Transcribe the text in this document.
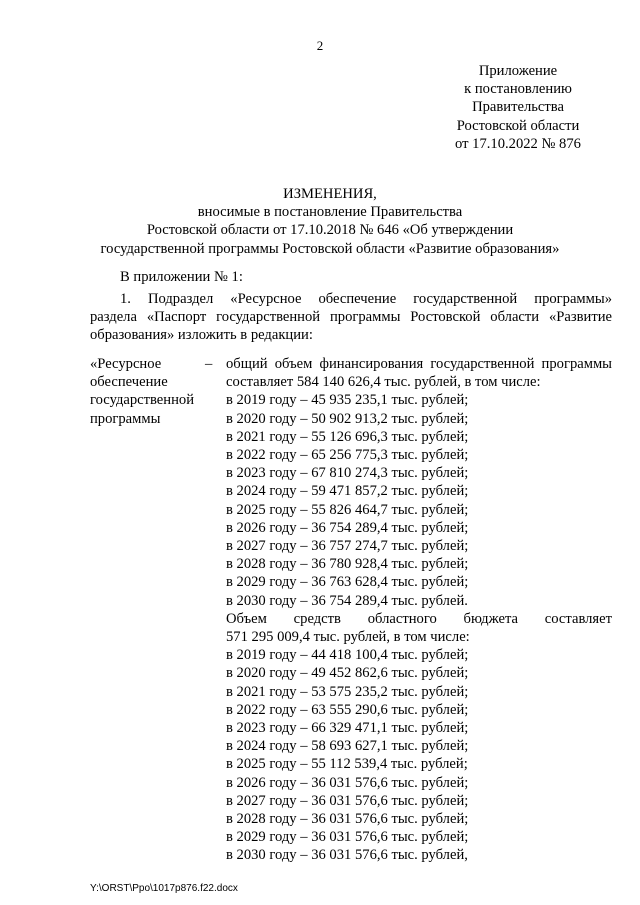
2

Приложение

к постановлению

Правительства

Ростовской области

от 17.10.2022 № 876

ИЗМЕНЕНИЯ,

вносимые в постановление Правительства

Ростовской области от 17.10.2018 № 646 «Об утверждении

государственной программы Ростовской области «Развитие образования»

В приложении № 1:

1. Подраздел «Ресурсное обеспечение государственной программы»

раздела «Паспорт государственной программы Ростовской области «Развитие

образования» изложить в редакции:

«Ресурсное

обеспечение

государственной

программы

– общий объем финансирования государственной программы

составляет 584 140 626,4 тыс. рублей, в том числе:

в 2019 году – 45 935 235,1 тыс. рублей;

в 2020 году – 50 902 913,2 тыс. рублей;

в 2021 году – 55 126 696,3 тыс. рублей;

в 2022 году – 65 256 775,3 тыс. рублей;

в 2023 году – 67 810 274,3 тыс. рублей;

в 2024 году – 59 471 857,2 тыс. рублей;

в 2025 году – 55 826 464,7 тыс. рублей;

в 2026 году – 36 754 289,4 тыс. рублей;

в 2027 году – 36 757 274,7 тыс. рублей;

в 2028 году – 36 780 928,4 тыс. рублей;

в 2029 году – 36 763 628,4 тыс. рублей;

в 2030 году – 36 754 289,4 тыс. рублей.

Объем средств областного бюджета составляет

571 295 009,4 тыс. рублей, в том числе:

в 2019 году – 44 418 100,4 тыс. рублей;

в 2020 году – 49 452 862,6 тыс. рублей;

в 2021 году – 53 575 235,2 тыс. рублей;

в 2022 году – 63 555 290,6 тыс. рублей;

в 2023 году – 66 329 471,1 тыс. рублей;

в 2024 году – 58 693 627,1 тыс. рублей;

в 2025 году – 55 112 539,4 тыс. рублей;

в 2026 году – 36 031 576,6 тыс. рублей;

в 2027 году – 36 031 576,6 тыс. рублей;

в 2028 году – 36 031 576,6 тыс. рублей;

в 2029 году – 36 031 576,6 тыс. рублей;

в 2030 году – 36 031 576,6 тыс. рублей,

Y:\ORST\Ppo\1017p876.f22.docx
